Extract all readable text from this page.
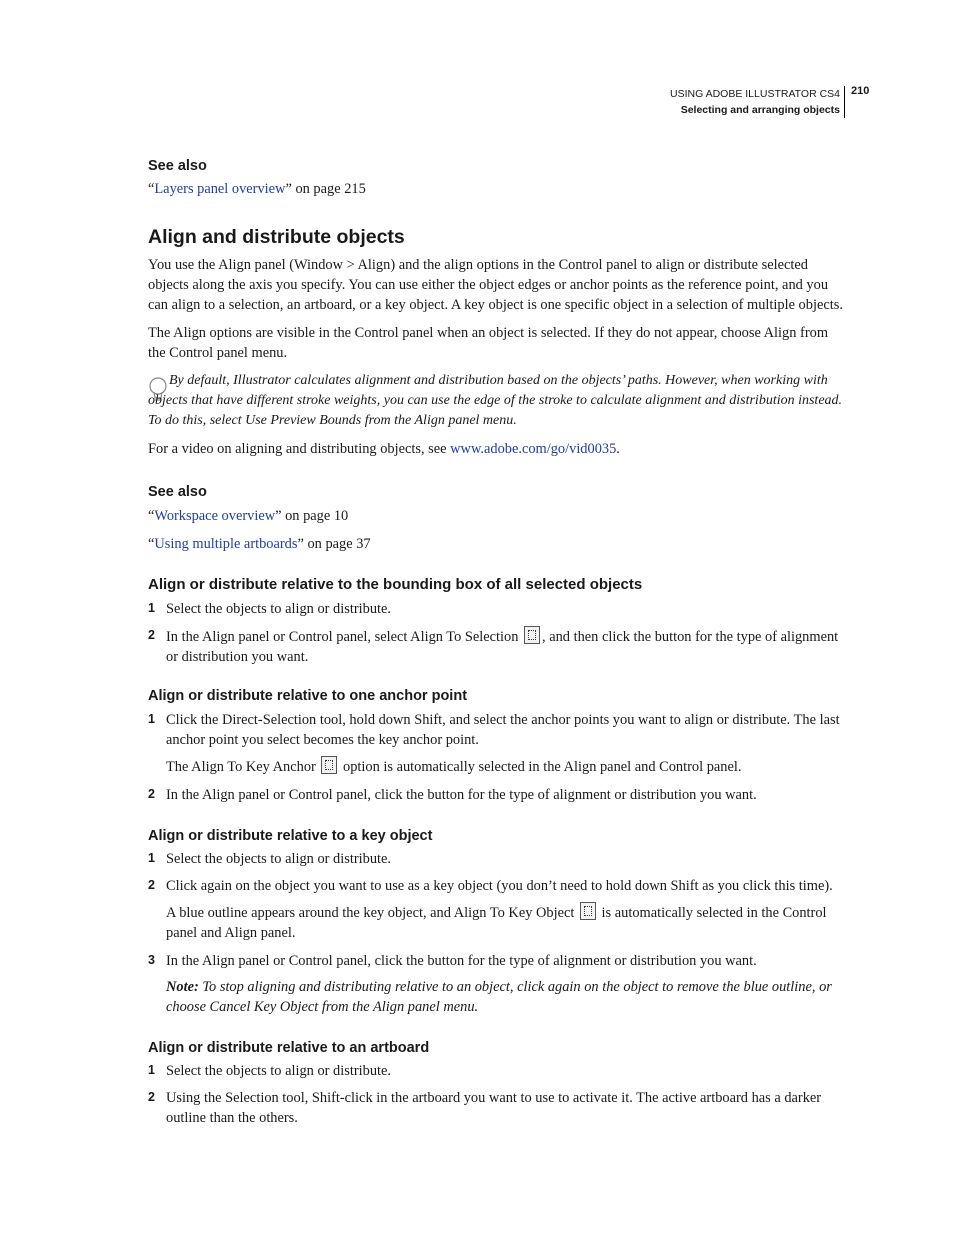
USING ADOBE ILLUSTRATOR CS4
Selecting and arranging objects
210
See also
“Layers panel overview” on page 215
Align and distribute objects
You use the Align panel (Window > Align) and the align options in the Control panel to align or distribute selected objects along the axis you specify. You can use either the object edges or anchor points as the reference point, and you can align to a selection, an artboard, or a key object. A key object is one specific object in a selection of multiple objects.
The Align options are visible in the Control panel when an object is selected. If they do not appear, choose Align from the Control panel menu.
By default, Illustrator calculates alignment and distribution based on the objects’ paths. However, when working with objects that have different stroke weights, you can use the edge of the stroke to calculate alignment and distribution instead. To do this, select Use Preview Bounds from the Align panel menu.
For a video on aligning and distributing objects, see www.adobe.com/go/vid0035.
See also
“Workspace overview” on page 10
“Using multiple artboards” on page 37
Align or distribute relative to the bounding box of all selected objects
1 Select the objects to align or distribute.
2 In the Align panel or Control panel, select Align To Selection , and then click the button for the type of alignment or distribution you want.
Align or distribute relative to one anchor point
1 Click the Direct-Selection tool, hold down Shift, and select the anchor points you want to align or distribute. The last anchor point you select becomes the key anchor point.
The Align To Key Anchor  option is automatically selected in the Align panel and Control panel.
2 In the Align panel or Control panel, click the button for the type of alignment or distribution you want.
Align or distribute relative to a key object
1 Select the objects to align or distribute.
2 Click again on the object you want to use as a key object (you don’t need to hold down Shift as you click this time).
A blue outline appears around the key object, and Align To Key Object  is automatically selected in the Control panel and Align panel.
3 In the Align panel or Control panel, click the button for the type of alignment or distribution you want.
Note: To stop aligning and distributing relative to an object, click again on the object to remove the blue outline, or choose Cancel Key Object from the Align panel menu.
Align or distribute relative to an artboard
1 Select the objects to align or distribute.
2 Using the Selection tool, Shift-click in the artboard you want to use to activate it. The active artboard has a darker outline than the others.
